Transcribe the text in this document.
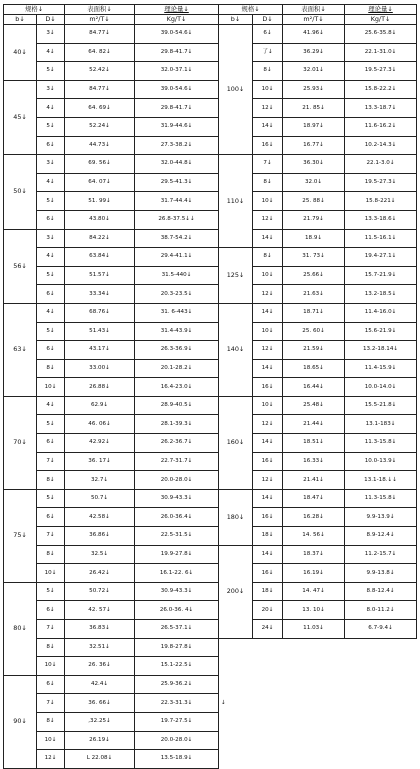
规格↓		表面积↓	理论量↓	规格↓		表面积↓	理论量↓
b↓	D↓	m²/T↓	Kg/T↓	b↓	D↓	m²/T↓	Kg/T↓
40↓	3↓	84.77↓	39.0-54.6↓	100↓	6↓	41.96↓	25.6-35.8↓
	4↓	64. 82↓	29.8-41.7↓		了↓	36.29↓	22.1-31.0↓
	5↓	52.42↓	32.0-37.1↓		8↓	32.01↓	19.5-27.3↓
45↓	3↓	84.77↓	39.0-54.6↓		10↓	25.93↓	15.8-22.2↓
	4↓	64. 69↓	29.8-41.7↓		12↓	21. 85↓	13.3-18.7↓
	5↓	52.24↓	31.9-44.6↓		14↓	18.97↓	11.6-16.2↓
	6↓	44.73↓	27.3-38.2↓		16↓	16.77↓	10.2-14.3↓
50↓	3↓	69. 56↓	32.0-44.8↓	110↓	7↓	36.30↓	22.1-3.0↓
	4↓	64. 07↓	29.5-41.3↓		8↓	32.0↓	19.5-27.3↓
	5↓	51. 99↓	31.7-44.4↓		10↓	25. 88↓	15.8-221↓
	6↓	43.80↓	26.8-37.5↓↓		12↓	21.79↓	13.3-18.6↓
56↓	3↓	84.22↓	38.7-54.2↓		14↓	18.9↓	11.5-16.1↓
	4↓	63.84↓	29.4-41.1↓	125↓	8↓	31. 73↓	19.4-27.1↓
	5↓	51.57↓	31.5-440↓		10↓	25.66↓	15.7-21.9↓
	6↓	33.34↓	20.3-23.5↓		12↓	21.63↓	13.2-18.5↓
63↓	4↓	68.76↓	31. 6-443↓	140↓	14↓	18.71↓	11.4-16.0↓
	5↓	51.43↓	31.4-43.9↓		10↓	25. 60↓	15.6-21.9↓
	6↓	43.17↓	26.3-36.9↓		12↓	21.59↓	13.2-18.14↓
	8↓	33.00↓	20.1-28.2↓		14↓	18.65↓	11.4-15.9↓
	10↓	26.88↓	16.4-23.0↓		16↓	16.44↓	10.0-14.0↓
70↓	4↓	62.9↓	28.9-40.5↓	160↓	10↓	25.48↓	15.5-21.8↓
	5↓	46. 06↓	28.1-39.3↓		12↓	21.44↓	13.1-183↓
	6↓	42.92↓	26.2-36.7↓		14↓	18.51↓	11.3-15.8↓
	7↓	36. 17↓	22.7-31.7↓		16↓	16.33↓	10.0-13.9↓
	8↓	32.7↓	20.0-28.0↓		12↓	21.41↓	13.1-18.↓↓
75↓	5↓	50.7↓	30.9-43.3↓	180↓	14↓	18.47↓	11.3-15.8↓
	6↓	42.58↓	26.0-36.4↓		16↓	16.28↓	9.9-13.9↓
	7↓	36.86↓	22.5-31.5↓		18↓	14. 56↓	8.9-12.4↓
	8↓	32.5↓	19.9-27.8↓	200↓	14↓	18.37↓	11.2-15.7↓
	10↓	26.42↓	16.1-22. 6↓		16↓	16.19↓	9.9-13.8↓
80↓	5↓	50.72↓	30.9-43.3↓		18↓	14. 47↓	8.8-12.4↓
	6↓	42. 57↓	26.0-36. 4↓		20↓	13. 10↓	8.0-11.2↓
	7↓	36.83↓	26.5-37.1↓		24↓	11.03↓	6.7-9.4↓
	8↓	32.51↓	19.8-27.8↓	↓			
	10↓	26. 36↓	15.1-22.5↓				
90↓	6↓	42.4↓	25.9-36.2↓				
	7↓	36. 66↓	22.3-31.3↓				
	8↓	,32.25↓	19.7-27.5↓				
	10↓	26.19↓	20.0-28.0↓				
	12↓	L 22.08↓	13.5-18.9↓				
